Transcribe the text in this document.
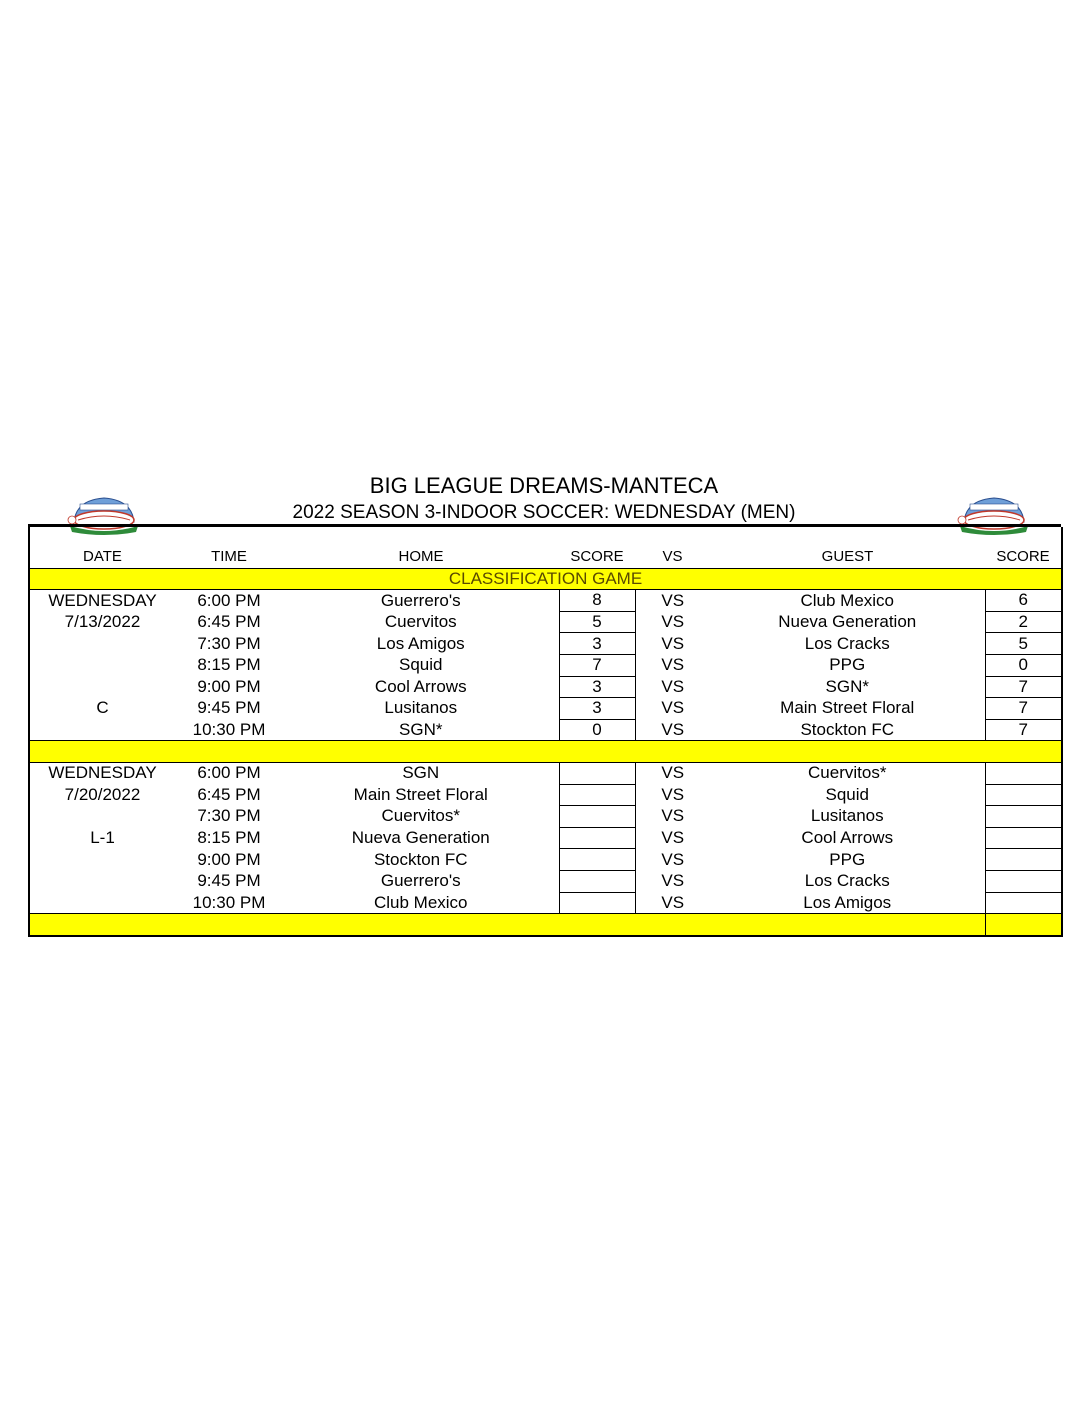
BIG LEAGUE DREAMS-MANTECA
2022 SEASON 3-INDOOR SOCCER: WEDNESDAY (MEN)

DATE	TIME	HOME	SCORE	VS	GUEST	SCORE
CLASSIFICATION GAME						
WEDNESDAY	6:00 PM	Guerrero's	8	VS	Club Mexico	6
7/13/2022	6:45 PM	Cuervitos	5	VS	Nueva Generation	2
	7:30 PM	Los Amigos	3	VS	Los Cracks	5
	8:15 PM	Squid	7	VS	PPG	0
	9:00 PM	Cool Arrows	3	VS	SGN*	7
C	9:45 PM	Lusitanos	3	VS	Main Street Floral	7
	10:30 PM	SGN*	0	VS	Stockton FC	7

WEDNESDAY	6:00 PM	SGN		VS	Cuervitos*	
7/20/2022	6:45 PM	Main Street Floral		VS	Squid	
	7:30 PM	Cuervitos*		VS	Lusitanos	
L-1	8:15 PM	Nueva Generation		VS	Cool Arrows	
	9:00 PM	Stockton FC		VS	PPG	
	9:45 PM	Guerrero's		VS	Los Cracks	
	10:30 PM	Club Mexico		VS	Los Amigos	
